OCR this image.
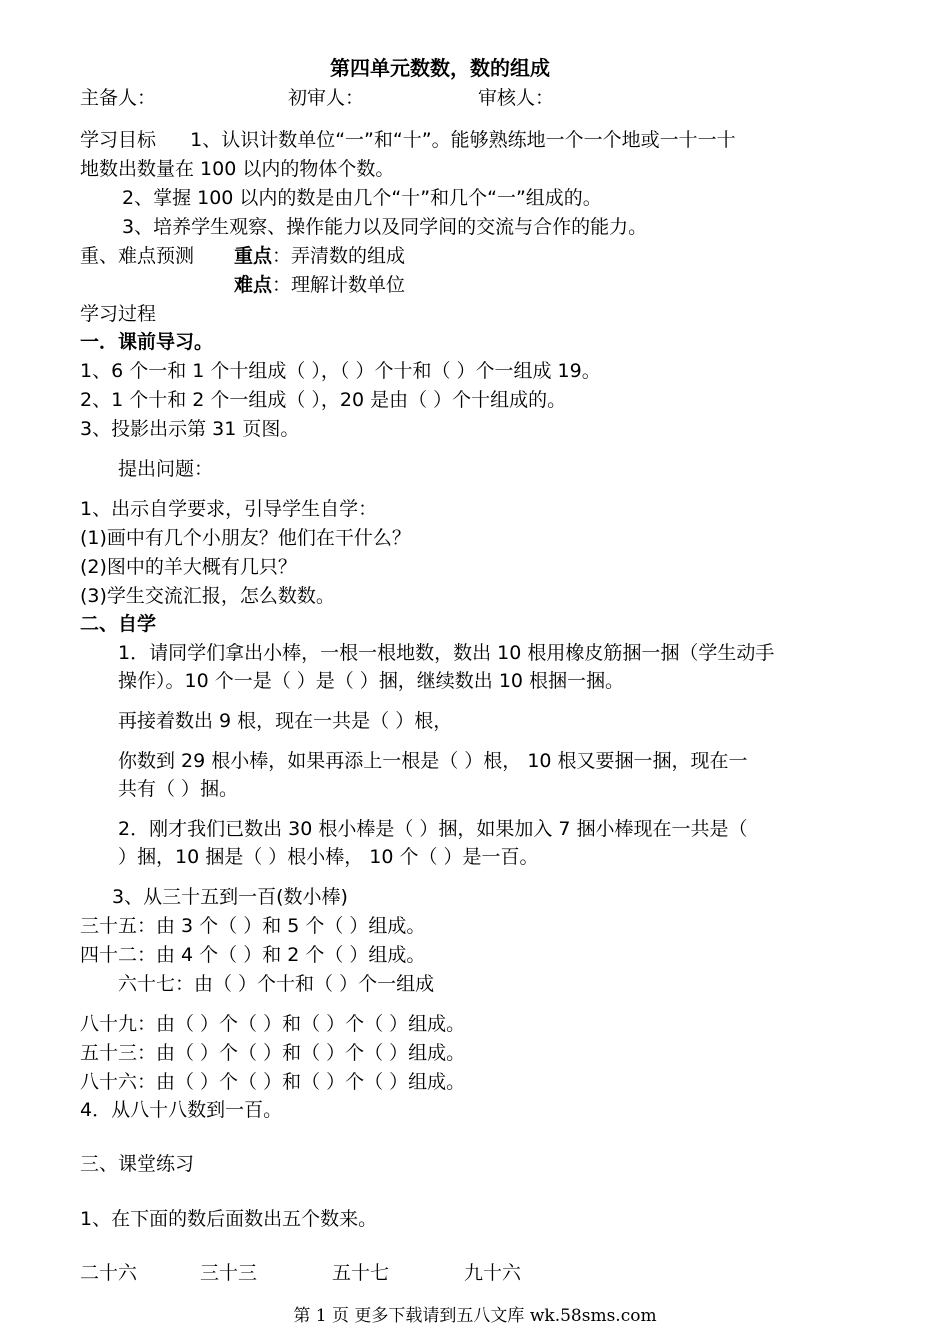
第四单元数数，数的组成
主备人：	初审人：	审核人：
学习目标 1、认识计数单位“一”和“十”。能够熟练地一个一个地或一十一十
地数出数量在 100 以内的物体个数。
2、掌握 100 以内的数是由几个“十”和几个“一”组成的。
3、培养学生观察、操作能力以及同学间的交流与合作的能力。
重、难点预测 重点：弄清数的组成
难点：理解计数单位
学习过程
一．课前导习。
1、6 个一和 1 个十组成（ ），（ ）个十和（ ）个一组成 19。
2、1 个十和 2 个一组成（ ），20 是由（ ）个十组成的。
3、投影出示第 31 页图。
提出问题：
1、出示自学要求，引导学生自学：
(1)画中有几个小朋友？他们在干什么？
(2)图中的羊大概有几只？
(3)学生交流汇报，怎么数数。
二、自学
1．请同学们拿出小棒，一根一根地数，数出 10 根用橡皮筋捆一捆（学生动手
操作）。10 个一是（ ）是（ ）捆，继续数出 10 根捆一捆。
再接着数出 9 根，现在一共是（ ）根，
你数到 29 根小棒，如果再添上一根是（ ）根， 10 根又要捆一捆，现在一
共有（ ）捆。
2．刚才我们已数出 30 根小棒是（ ）捆，如果加入 7 捆小棒现在一共是（
）捆，10 捆是（ ）根小棒， 10 个（ ）是一百。
3、从三十五到一百(数小棒)
三十五：由 3 个（ ）和 5 个（ ）组成。
四十二：由 4 个（ ）和 2 个（ ）组成。
六十七：由（ ）个十和（ ）个一组成
八十九：由（ ）个（ ）和（ ）个（ ）组成。
五十三：由（ ）个（ ）和（ ）个（ ）组成。
八十六：由（ ）个（ ）和（ ）个（ ）组成。
4．从八十八数到一百。
三、课堂练习
1、在下面的数后面数出五个数来。
二十六	三十三	五十七	九十六
第 1 页 更多下载请到五八文库 wk.58sms.com
